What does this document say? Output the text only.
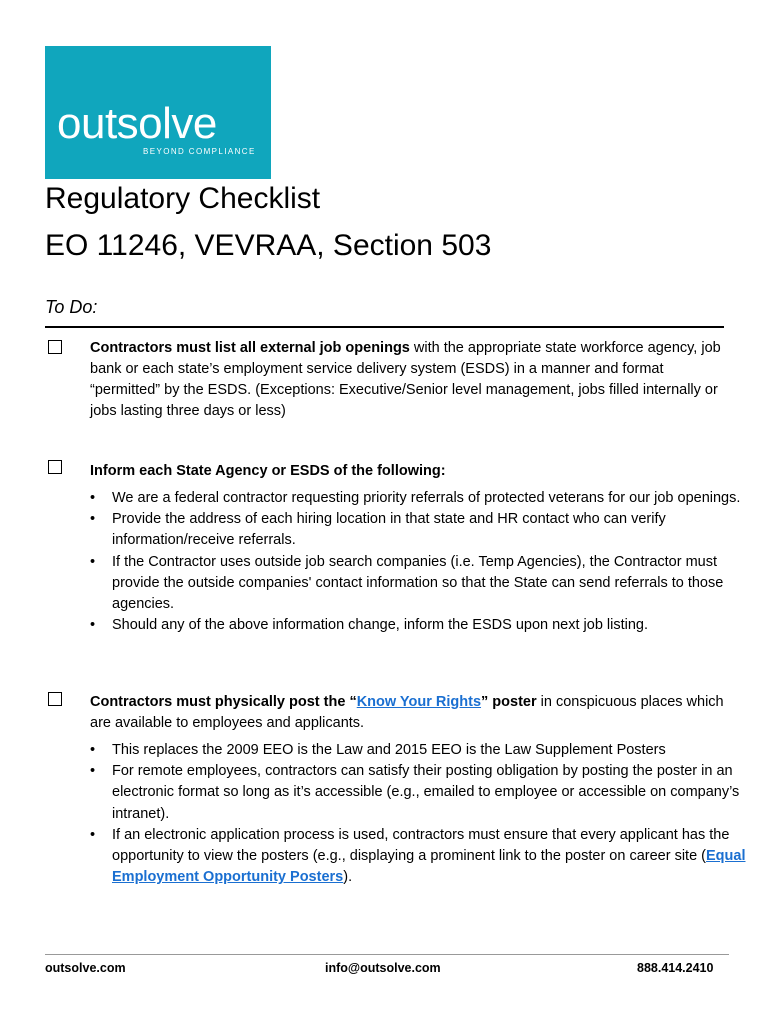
outsolve
BEYOND COMPLIANCE
Regulatory Checklist
EO 11246, VEVRAA, Section 503
To Do:
Contractors must list all external job openings with the appropriate state workforce agency, job bank or each state’s employment service delivery system (ESDS) in a manner and format “permitted” by the ESDS. (Exceptions: Executive/Senior level management, jobs filled internally or jobs lasting three days or less)
Inform each State Agency or ESDS of the following:
• We are a federal contractor requesting priority referrals of protected veterans for our job openings.
• Provide the address of each hiring location in that state and HR contact who can verify information/receive referrals.
• If the Contractor uses outside job search companies (i.e. Temp Agencies), the Contractor must provide the outside companies' contact information so that the State can send referrals to those agencies.
• Should any of the above information change, inform the ESDS upon next job listing.
Contractors must physically post the “Know Your Rights” poster in conspicuous places which are available to employees and applicants.
• This replaces the 2009 EEO is the Law and 2015 EEO is the Law Supplement Posters
• For remote employees, contractors can satisfy their posting obligation by posting the poster in an electronic format so long as it’s accessible (e.g., emailed to employee or accessible on company’s intranet).
• If an electronic application process is used, contractors must ensure that every applicant has the opportunity to view the posters (e.g., displaying a prominent link to the poster on career site (Equal Employment Opportunity Posters).
outsolve.com	info@outsolve.com	888.414.2410
